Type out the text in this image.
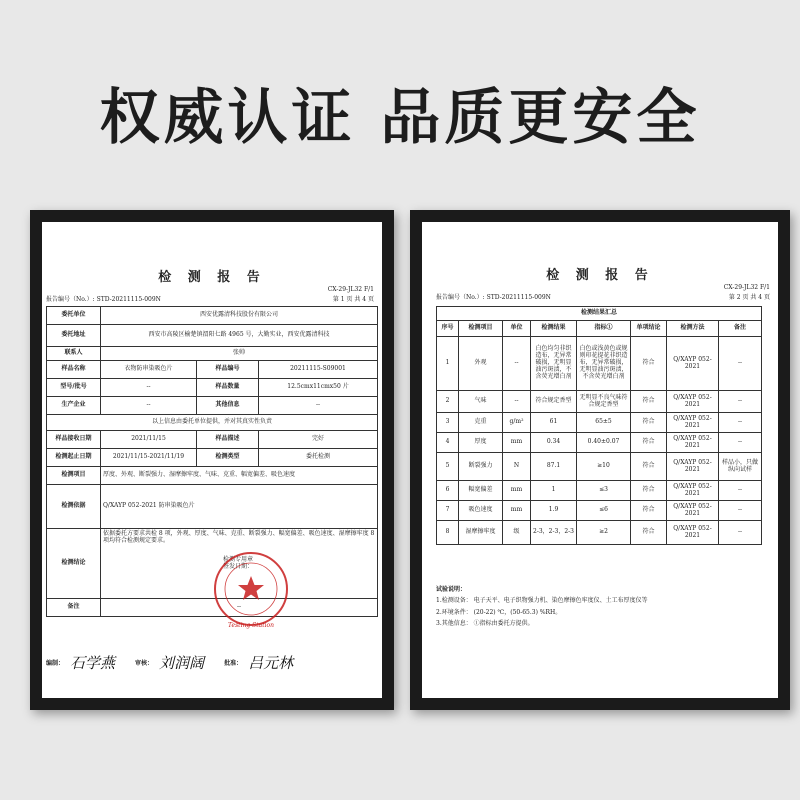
权威认证 品质更安全
CX-29-JL32 F/1
检 测 报 告
报告编号（No.）: STD-20211115-009N	第 1 页 共 4 页
委托单位	西安优露清科技股份有限公司		
委托地址	西安市高陵区榆楚镇渭阳七路 4965 号，大勤实业，西安优露清科技		
联系人	张帅		
样品名称	衣物防串染吸色片	样品编号	20211115-S09001
型号/批号	--	样品数量	12.5cmx11cmx50 片
生产企业	--	其他信息	--
以上信息由委托单位提供，并对其真实性负责			
样品接收日期	2021/11/15	样品描述	完好
检测起止日期	2021/11/15-2021/11/19	检测类型	委托检测
检测项目	厚度、外观、断裂强力、湿摩擦牢度、气味、克重、幅宽偏差、吸色速度		
检测依据	Q/XAYP 052-2021 防串染吸色片		
检测结论	依据委托方要求共检 8 项，外观、厚度、气味、克重、断裂强力、幅宽偏差、吸色速度、湿摩擦牢度 8 项均符合检测规定要求。
检测专用章
签发日期：		

备注	--		
Testing Station
编制： 石学燕	审核： 刘润阔	批准： 吕元林
检 测 报 告
CX-29-JL32 F/1
报告编号（No.）: STD-20211115-009N	第 2 页 共 4 页
检测结果汇总							
序号	检测项目	单位	检测结果	指标①	单项结论	检测方法	备注
1	外观	--	白色均匀非织造布，无异常破损，无明显油污斑渍，不含荧光增白剂	白色或浅黄色或规则印花提花非织造布，无异常破损，无明显油污斑渍，不含荧光增白剂	符合	Q/XAYP 052-2021	--
2	气味	--	符合规定香型	无明显不良气味符合规定香型	符合	Q/XAYP 052-2021	--
3	克重	g/m²	61	65±5	符合	Q/XAYP 052-2021	--
4	厚度	mm	0.34	0.40±0.07	符合	Q/XAYP 052-2021	--
5	断裂强力	N	87.1	≥10	符合	Q/XAYP 052-2021	样品小，只做纵向试样
6	幅宽偏差	mm	1	≤3	符合	Q/XAYP 052-2021	--
7	吸色速度	mm	1.9	≤6	符合	Q/XAYP 052-2021	--
8	湿摩擦牢度	级	2-3，2-3，2-3	≥2	符合	Q/XAYP 052-2021	--
试验说明：
1.检测设备： 电子天平、电子织物强力机、染色摩擦色牢度仪、土工布厚度仪等
2.环境条件： (20-22) ℃，(50-65.3) %RH。
3.其他信息： ①指标由委托方提供。
